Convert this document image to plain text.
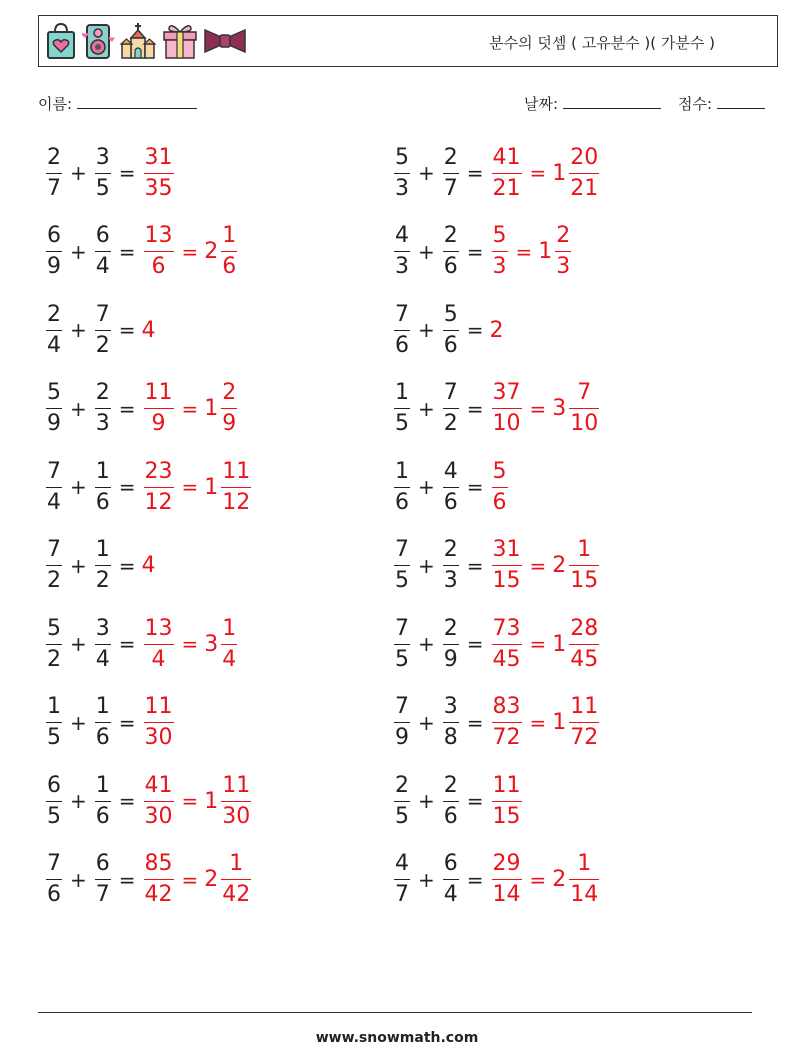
분수의 덧셈 ( 고유분수 )( 가분수 )
이름:	날짜:	점수:
$\frac{2}{7} + \frac{3}{5} = \frac{31}{35}$	$\frac{5}{3} + \frac{2}{7} = \frac{41}{21} = 1 \frac{20}{21}$
$\frac{6}{9} + \frac{6}{4} = \frac{13}{6} = 2 \frac{1}{6}$	$\frac{4}{3} + \frac{2}{6} = \frac{5}{3} = 1 \frac{2}{3}$
$\frac{2}{4} + \frac{7}{2} = 4$	$\frac{7}{6} + \frac{5}{6} = 2$
$\frac{5}{9} + \frac{2}{3} = \frac{11}{9} = 1 \frac{2}{9}$	$\frac{1}{5} + \frac{7}{2} = \frac{37}{10} = 3 \frac{7}{10}$
$\frac{7}{4} + \frac{1}{6} = \frac{23}{12} = 1 \frac{11}{12}$	$\frac{1}{6} + \frac{4}{6} = \frac{5}{6}$
$\frac{7}{2} + \frac{1}{2} = 4$	$\frac{7}{5} + \frac{2}{3} = \frac{31}{15} = 2 \frac{1}{15}$
$\frac{5}{2} + \frac{3}{4} = \frac{13}{4} = 3 \frac{1}{4}$	$\frac{7}{5} + \frac{2}{9} = \frac{73}{45} = 1 \frac{28}{45}$
$\frac{1}{5} + \frac{1}{6} = \frac{11}{30}$	$\frac{7}{9} + \frac{3}{8} = \frac{83}{72} = 1 \frac{11}{72}$
$\frac{6}{5} + \frac{1}{6} = \frac{41}{30} = 1 \frac{11}{30}$	$\frac{2}{5} + \frac{2}{6} = \frac{11}{15}$
$\frac{7}{6} + \frac{6}{7} = \frac{85}{42} = 2 \frac{1}{42}$	$\frac{4}{7} + \frac{6}{4} = \frac{29}{14} = 2 \frac{1}{14}$
www.snowmath.com
